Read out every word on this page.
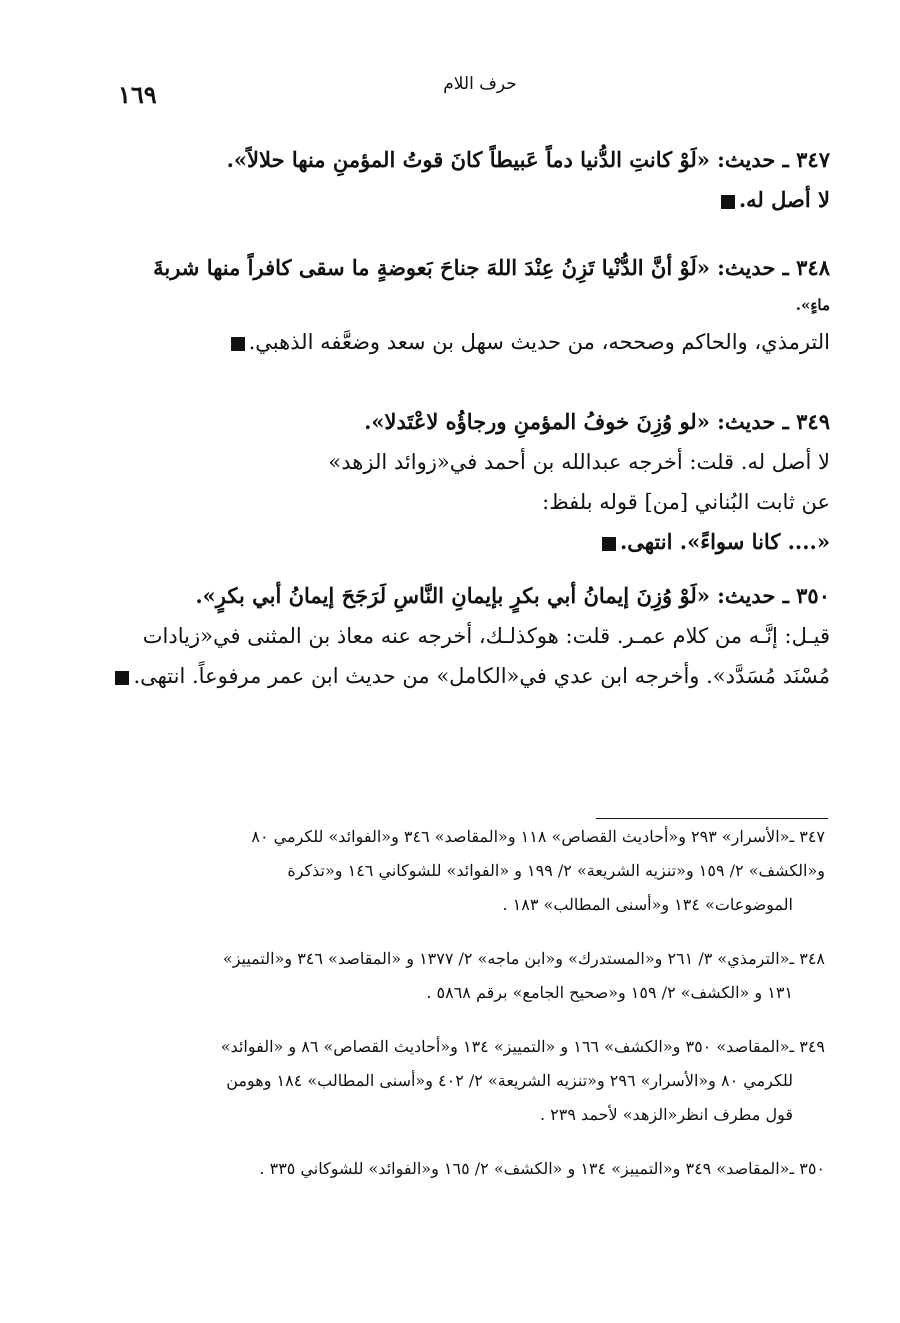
١٦٩	حرف اللام
٣٤٧ ـ حديث: «لَوْ كانتِ الدُّنيا دماً عَبيطاً كانَ قوتُ المؤمنِ منها حلالاً».
لا أصل له.
٣٤٨ ـ حديث: «لَوْ أنَّ الدُّنْيا تَزِنُ عِنْدَ اللهَ جناحَ بَعوضةٍ ما سقى كافراً منها شربةَ
ماءٍ».
الترمذي، والحاكم وصححه، من حديث سهل بن سعد وضعَّفه الذهبي.
٣٤٩ ـ حديث: «لو وُزِنَ خوفُ المؤمنِ ورجاؤُه لاعْتَدلا».
لا أصل له. قلت: أخرجه عبدالله بن أحمد في«زوائد الزهد»
عن ثابت البُناني [من] قوله بلفظ:
«.... كانا سواءً». انتهى.
٣٥٠ ـ حديث: «لَوْ وُزِنَ إيمانُ أبي بكرٍ بإيمانِ النَّاسِ لَرَجَحَ إيمانُ أبي بكرٍ».
قيـل: إنَّـه من كلام عمـر. قلت: هوكذلـك، أخرجه عنه معاذ بن المثنى في«زيادات
مُسْنَد مُسَدَّد». وأخرجه ابن عدي في«الكامل» من حديث ابن عمر مرفوعاً. انتهى.
٣٤٧ ـ«الأسرار» ٢٩٣ و«أحاديث القصاص» ١١٨ و«المقاصد» ٣٤٦ و«الفوائد» للكرمي ٨٠
و«الكشف» ٢/ ١٥٩ و«تنزيه الشريعة» ٢/ ١٩٩ و «الفوائد» للشوكاني ١٤٦ و«تذكرة
الموضوعات» ١٣٤ و«أسنى المطالب» ١٨٣ .
٣٤٨ ـ«الترمذي» ٣/ ٢٦١ و«المستدرك» و«ابن ماجه» ٢/ ١٣٧٧ و «المقاصد» ٣٤٦ و«التمييز»
١٣١ و «الكشف» ٢/ ١٥٩ و«صحيح الجامع» برقم ٥٨٦٨ .
٣٤٩ ـ«المقاصد» ٣٥٠ و«الكشف» ١٦٦ و «التمييز» ١٣٤ و«أحاديث القصاص» ٨٦ و «الفوائد»
للكرمي ٨٠ و«الأسرار» ٢٩٦ و«تنزيه الشريعة» ٢/ ٤٠٢ و«أسنى المطالب» ١٨٤ وهومن
قول مطرف انظر«الزهد» لأحمد ٢٣٩ .
٣٥٠ ـ«المقاصد» ٣٤٩ و«التمييز» ١٣٤ و «الكشف» ٢/ ١٦٥ و«الفوائد» للشوكاني ٣٣٥ .
